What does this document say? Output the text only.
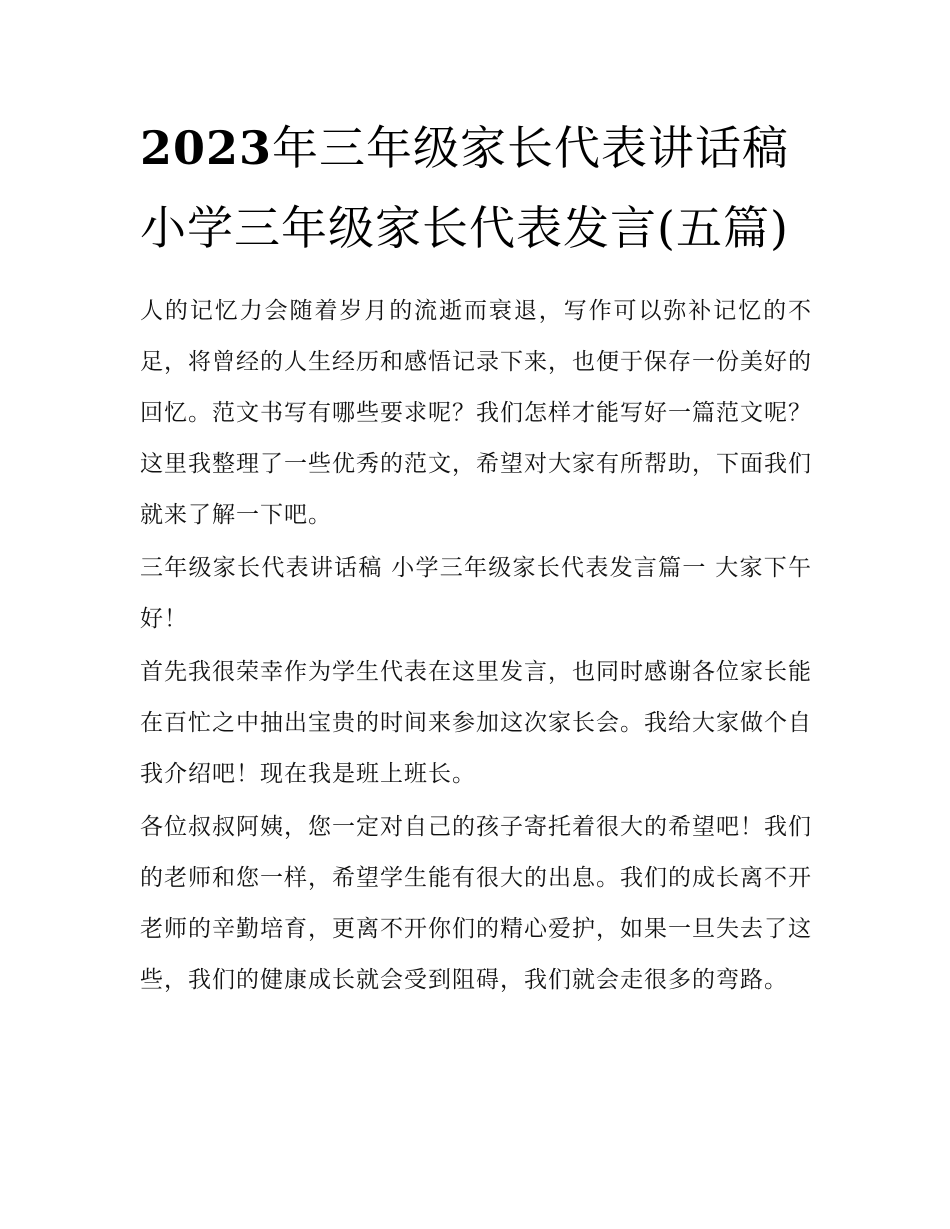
2023年三年级家长代表讲话稿小学三年级家长代表发言(五篇)

人的记忆力会随着岁月的流逝而衰退，写作可以弥补记忆的不足，将曾经的人生经历和感悟记录下来，也便于保存一份美好的回忆。范文书写有哪些要求呢？我们怎样才能写好一篇范文呢？这里我整理了一些优秀的范文，希望对大家有所帮助，下面我们就来了解一下吧。

三年级家长代表讲话稿 小学三年级家长代表发言篇一 大家下午好！

首先我很荣幸作为学生代表在这里发言，也同时感谢各位家长能在百忙之中抽出宝贵的时间来参加这次家长会。我给大家做个自我介绍吧！现在我是班上班长。

各位叔叔阿姨，您一定对自己的孩子寄托着很大的希望吧！我们的老师和您一样，希望学生能有很大的出息。我们的成长离不开老师的辛勤培育，更离不开你们的精心爱护，如果一旦失去了这些，我们的健康成长就会受到阻碍，我们就会走很多的弯路。
